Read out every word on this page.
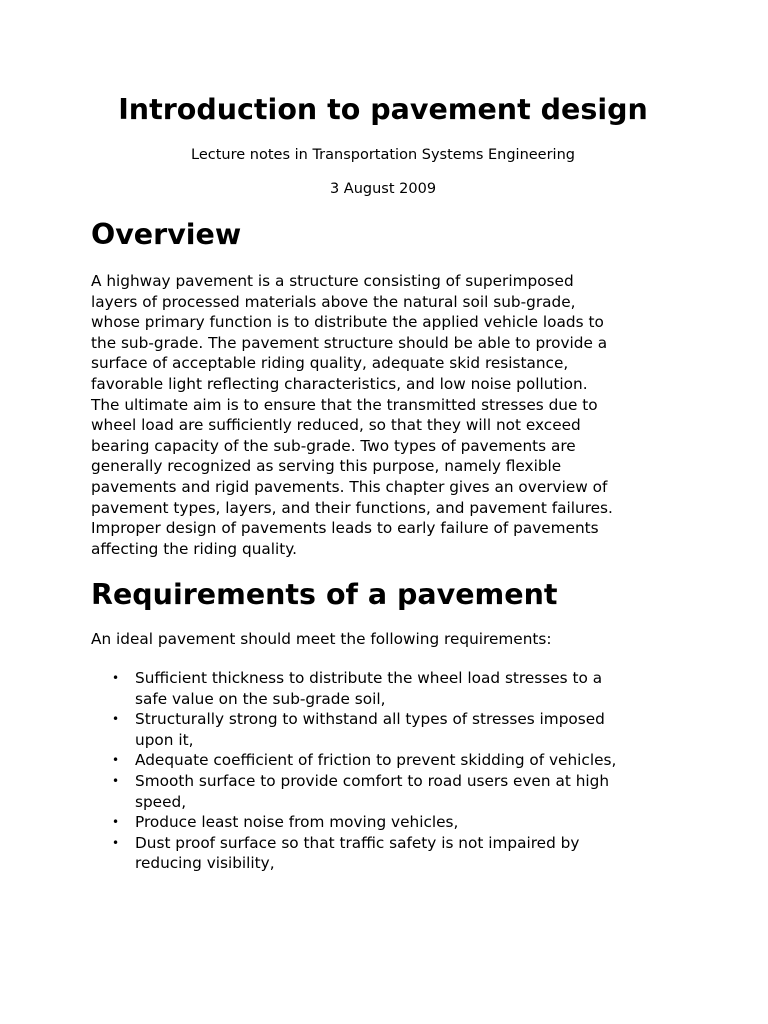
Introduction to pavement design

Lecture notes in Transportation Systems Engineering

3 August 2009

Overview

A highway pavement is a structure consisting of superimposed
layers of processed materials above the natural soil sub-grade,
whose primary function is to distribute the applied vehicle loads to
the sub-grade. The pavement structure should be able to provide a
surface of acceptable riding quality, adequate skid resistance,
favorable light reflecting characteristics, and low noise pollution.
The ultimate aim is to ensure that the transmitted stresses due to
wheel load are sufficiently reduced, so that they will not exceed
bearing capacity of the sub-grade. Two types of pavements are
generally recognized as serving this purpose, namely flexible
pavements and rigid pavements. This chapter gives an overview of
pavement types, layers, and their functions, and pavement failures.
Improper design of pavements leads to early failure of pavements
affecting the riding quality.

Requirements of a pavement

An ideal pavement should meet the following requirements:

• Sufficient thickness to distribute the wheel load stresses to a
safe value on the sub-grade soil,
• Structurally strong to withstand all types of stresses imposed
upon it,
• Adequate coefficient of friction to prevent skidding of vehicles,
• Smooth surface to provide comfort to road users even at high
speed,
• Produce least noise from moving vehicles,
• Dust proof surface so that traffic safety is not impaired by
reducing visibility,
